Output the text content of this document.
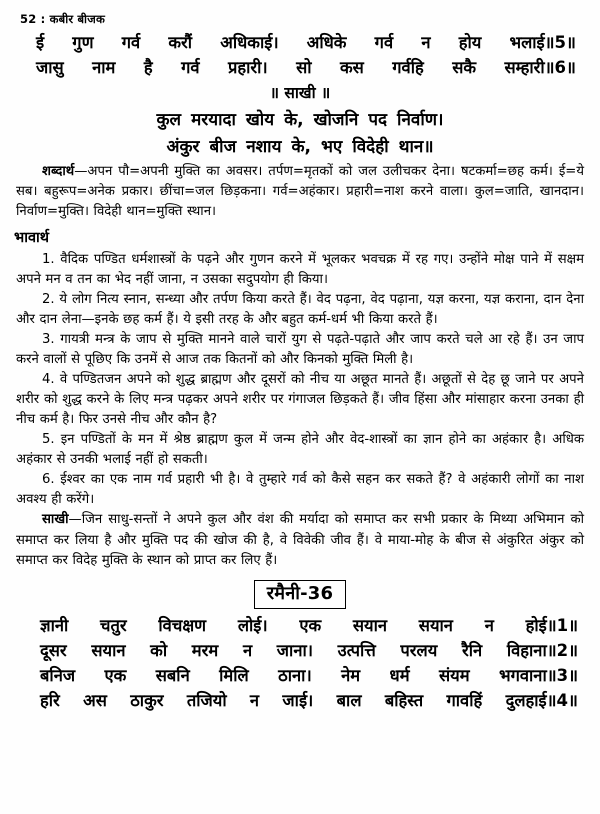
52 : कबीर बीजक
ई गुण गर्व करौं अधिकाई। अधिके गर्व न होय भलाई॥5॥
जासु नाम है गर्व प्रहारी। सो कस गर्वहि सकै सम्हारी॥6॥
॥ साखी ॥
कुल मरयादा खोय के, खोजनि पद निर्वाण।
अंकुर बीज नशाय के, भए विदेही थान॥

शब्दार्थ—अपन पौ=अपनी मुक्ति का अवसर। तर्पण=मृतकों को जल उलीचकर देना। षटकर्मा=छह कर्म। ई=ये सब। बहुरूप=अनेक प्रकार। छींचा=जल छिड़कना। गर्व=अहंकार। प्रहारी=नाश करने वाला। कुल=जाति, खानदान। निर्वाण=मुक्ति। विदेही थान=मुक्ति स्थान।

भावार्थ

1. वैदिक पण्डित धर्मशास्त्रों के पढ़ने और गुणन करने में भूलकर भवचक्र में रह गए। उन्होंने मोक्ष पाने में सक्षम अपने मन व तन का भेद नहीं जाना, न उसका सदुपयोग ही किया।

2. ये लोग नित्य स्नान, सन्ध्या और तर्पण किया करते हैं। वेद पढ़ना, वेद पढ़ाना, यज्ञ करना, यज्ञ कराना, दान देना और दान लेना—इनके छह कर्म हैं। ये इसी तरह के और बहुत कर्म-धर्म भी किया करते हैं।

3. गायत्री मन्त्र के जाप से मुक्ति मानने वाले चारों युग से पढ़ते-पढ़ाते और जाप करते चले आ रहे हैं। उन जाप करने वालों से पूछिए कि उनमें से आज तक कितनों को और किनको मुक्ति मिली है।

4. वे पण्डितजन अपने को शुद्ध ब्राह्मण और दूसरों को नीच या अछूत मानते हैं। अछूतों से देह छू जाने पर अपने शरीर को शुद्ध करने के लिए मन्त्र पढ़कर अपने शरीर पर गंगाजल छिड़कते हैं। जीव हिंसा और मांसाहार करना उनका ही नीच कर्म है। फिर उनसे नीच और कौन है?

5. इन पण्डितों के मन में श्रेष्ठ ब्राह्मण कुल में जन्म होने और वेद-शास्त्रों का ज्ञान होने का अहंकार है। अधिक अहंकार से उनकी भलाई नहीं हो सकती।

6. ईश्वर का एक नाम गर्व प्रहारी भी है। वे तुम्हारे गर्व को कैसे सहन कर सकते हैं? वे अहंकारी लोगों का नाश अवश्य ही करेंगे।

साखी—जिन साधु-सन्तों ने अपने कुल और वंश की मर्यादा को समाप्त कर सभी प्रकार के मिथ्या अभिमान को समाप्त कर लिया है और मुक्ति पद की खोज की है, वे विवेकी जीव हैं। वे माया-मोह के बीज से अंकुरित अंकुर को समाप्त कर विदेह मुक्ति के स्थान को प्राप्त कर लिए हैं।

रमैनी-36
ज्ञानी चतुर विचक्षण लोई। एक सयान सयान न होई॥1॥
दूसर सयान को मरम न जाना। उत्पत्ति परलय रैनि विहाना॥2॥
बनिज एक सबनि मिलि ठाना। नेम धर्म संयम भगवाना॥3॥
हरि अस ठाकुर तजियो न जाई। बाल बहिस्त गावहिं दुलहाई॥4॥
